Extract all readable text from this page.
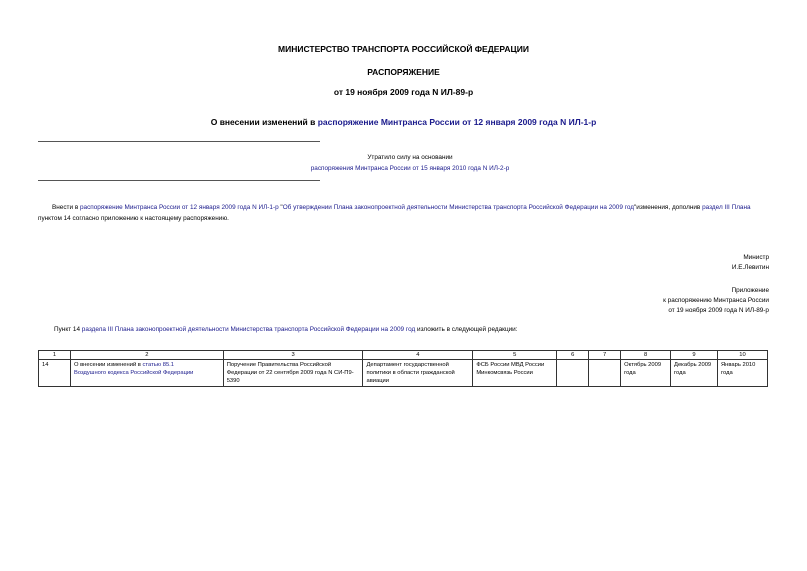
МИНИСТЕРСТВО ТРАНСПОРТА РОССИЙСКОЙ ФЕДЕРАЦИИ
РАСПОРЯЖЕНИЕ
от 19 ноября 2009 года N ИЛ-89-р
О внесении изменений в распоряжение Минтранса России от 12 января 2009 года N ИЛ-1-р
Утратило силу на основании
распоряжения Минтранса России от 15 января 2010 года N ИЛ-2-р
Внести в распоряжение Минтранса России от 12 января 2009 года N ИЛ-1-р "Об утверждении Плана законопроектной деятельности Министерства транспорта Российской Федерации на 2009 год"изменения, дополнив раздел III Плана пунктом 14 согласно приложению к настоящему распоряжению.
Министр
И.Е.Левитин
Приложение
к распоряжению Минтранса России
от 19 ноября 2009 года N ИЛ-89-р
Пункт 14 раздела III Плана законопроектной деятельности Министерства транспорта Российской Федерации на 2009 год изложить в следующей редакции:
1	2	3	4	5	6	7	8	9	10
14	О внесении изменений в статью 85.1
Воздушного кодекса Российской Федерации	Поручение Правительства Российской Федерации от 22 сентября 2009 года N СИ-П9-5390	Департамент государственной политики в области гражданской авиации	ФСБ России МВД России Минкомсвязь России			Октябрь 2009 года	Декабрь 2009 года	Январь 2010 года
